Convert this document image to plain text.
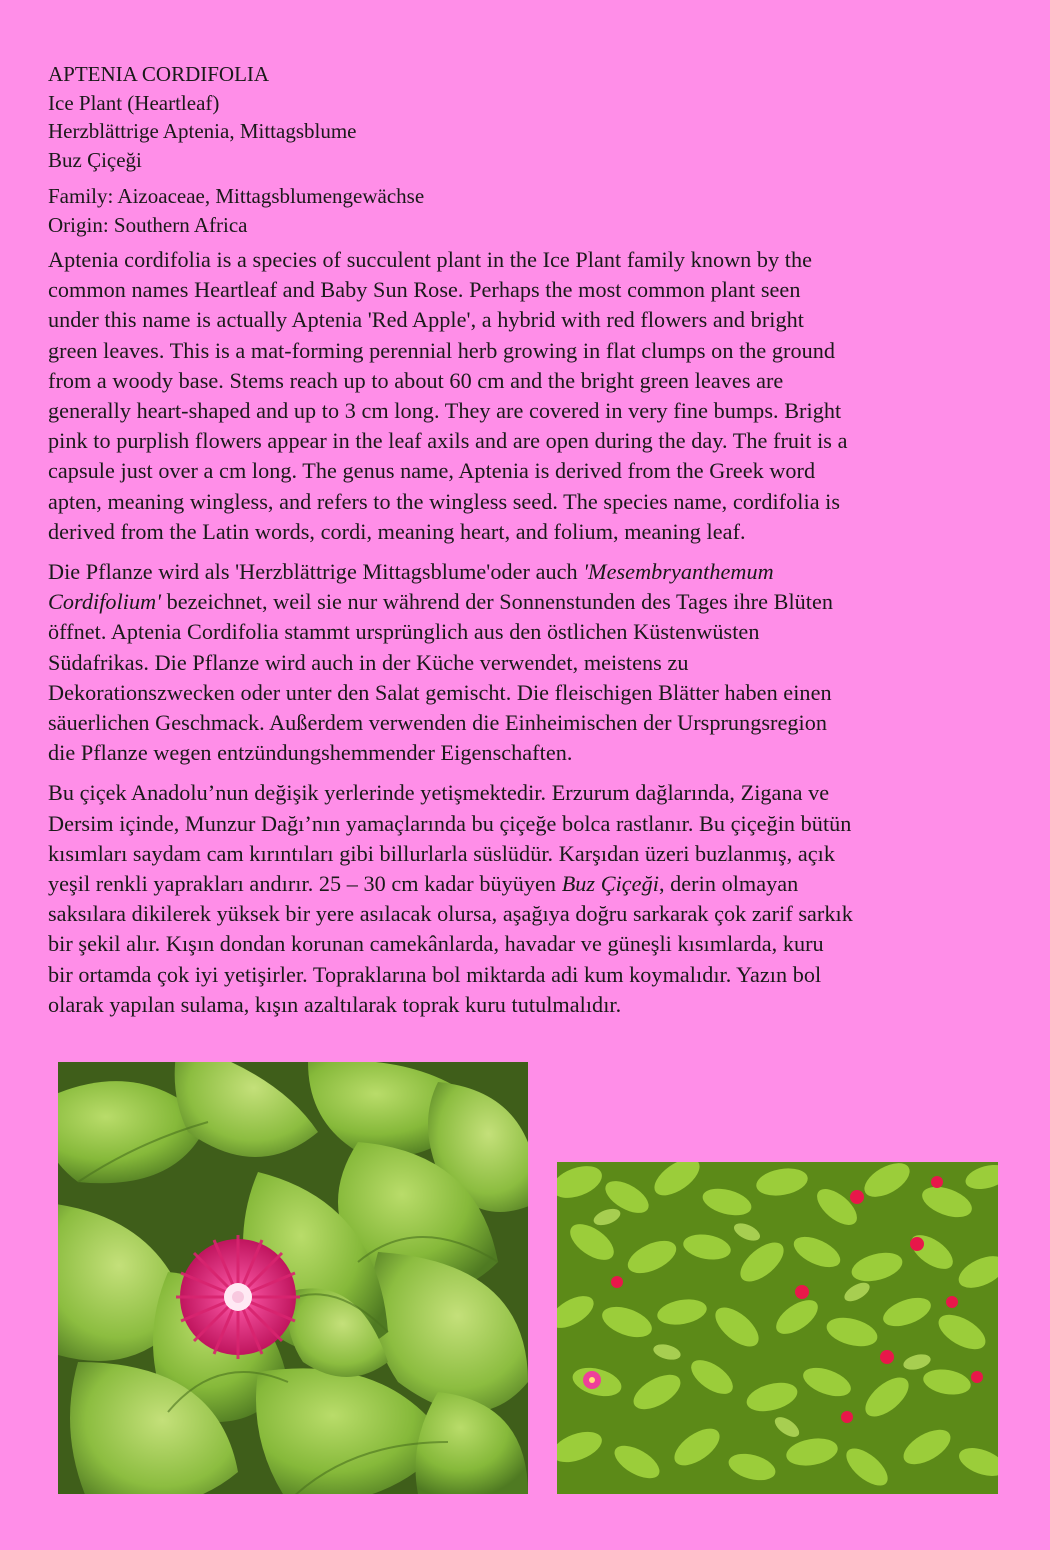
APTENIA CORDIFOLIA
Ice Plant (Heartleaf)
Herzblättrige Aptenia, Mittagsblume
Buz Çiçeği
Family: Aizoaceae, Mittagsblumengewächse
Origin: Southern Africa

Aptenia cordifolia is a species of succulent plant in the Ice Plant family known by the
common names Heartleaf and Baby Sun Rose. Perhaps the most common plant seen
under this name is actually Aptenia 'Red Apple', a hybrid with red flowers and bright
green leaves. This is a mat-forming perennial herb growing in flat clumps on the ground
from a woody base. Stems reach up to about 60 cm and the bright green leaves are
generally heart-shaped and up to 3 cm long. They are covered in very fine bumps. Bright
pink to purplish flowers appear in the leaf axils and are open during the day. The fruit is a
capsule just over a cm long. The genus name, Aptenia is derived from the Greek word
apten, meaning wingless, and refers to the wingless seed. The species name, cordifolia is
derived from the Latin words, cordi, meaning heart, and folium, meaning leaf.

Die Pflanze wird als 'Herzblättrige Mittagsblume'oder auch 'Mesembryanthemum
Cordifolium' bezeichnet, weil sie nur während der Sonnenstunden des Tages ihre Blüten
öffnet. Aptenia Cordifolia stammt ursprünglich aus den östlichen Küstenwüsten
Südafrikas. Die Pflanze wird auch in der Küche verwendet, meistens zu
Dekorationszwecken oder unter den Salat gemischt. Die fleischigen Blätter haben einen
säuerlichen Geschmack. Außerdem verwenden die Einheimischen der Ursprungsregion
die Pflanze wegen entzündungshemmender Eigenschaften.

Bu çiçek Anadolu’nun değişik yerlerinde yetişmektedir. Erzurum dağlarında, Zigana ve
Dersim içinde, Munzur Dağı’nın yamaçlarında bu çiçeğe bolca rastlanır. Bu çiçeğin bütün
kısımları saydam cam kırıntıları gibi billurlarla süslüdür. Karşıdan üzeri buzlanmış, açık
yeşil renkli yaprakları andırır. 25 – 30 cm kadar büyüyen Buz Çiçeği, derin olmayan
saksılara dikilerek yüksek bir yere asılacak olursa, aşağıya doğru sarkarak çok zarif sarkık
bir şekil alır. Kışın dondan korunan camekânlarda, havadar ve güneşli kısımlarda, kuru
bir ortamda çok iyi yetişirler. Topraklarına bol miktarda adi kum koymalıdır. Yazın bol
olarak yapılan sulama, kışın azaltılarak toprak kuru tutulmalıdır.
